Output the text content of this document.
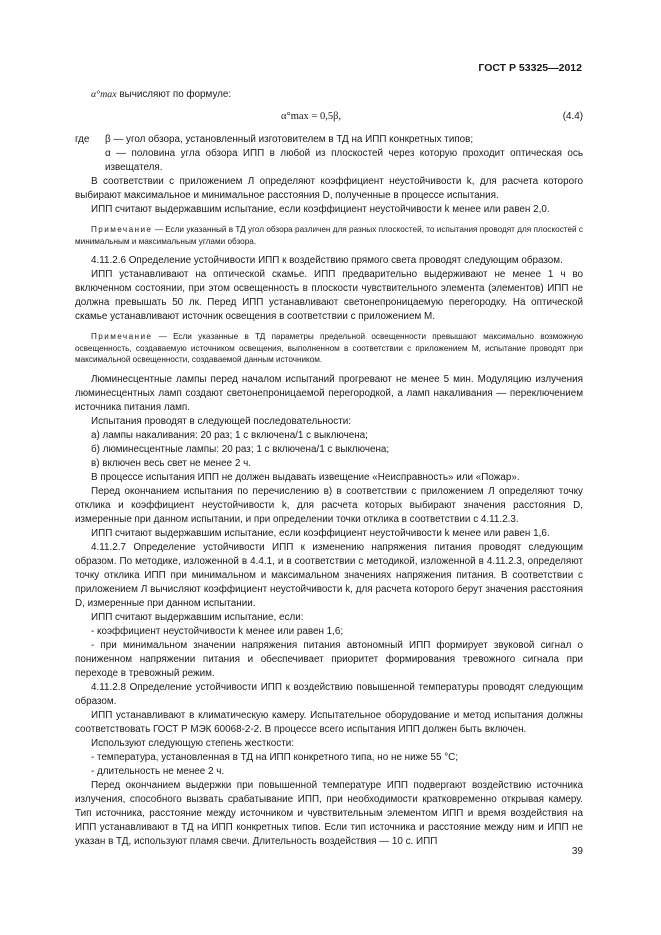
ГОСТ Р 53325—2012

α°max вычисляют по формуле:

α°max = 0,5β,	(4.4)

где β — угол обзора, установленный изготовителем в ТД на ИПП конкретных типов;

α — половина угла обзора ИПП в любой из плоскостей через которую проходит оптическая ось извещателя.

В соответствии с приложением Л определяют коэффициент неустойчивости k, для расчета которого выбирают максимальное и минимальное расстояния D, полученные в процессе испытания.

ИПП считают выдержавшим испытание, если коэффициент неустойчивости k менее или равен 2,0.

Примечание — Если указанный в ТД угол обзора различен для разных плоскостей, то испытания проводят для плоскостей с минимальным и максимальным углами обзора.

4.11.2.6 Определение устойчивости ИПП к воздействию прямого света проводят следующим образом.

ИПП устанавливают на оптической скамье. ИПП предварительно выдерживают не менее 1 ч во включенном состоянии, при этом освещенность в плоскости чувствительного элемента (элементов) ИПП не должна превышать 50 лк. Перед ИПП устанавливают светонепроницаемую перегородку. На оптической скамье устанавливают источник освещения в соответствии с приложением М.

Примечание — Если указанные в ТД параметры предельной освещенности превышают максимально возможную освещенность, создаваемую источником освещения, выполненном в соответствии с приложением М, испытание проводят при максимальной освещенности, создаваемой данным источником.

Люминесцентные лампы перед началом испытаний прогревают не менее 5 мин. Модуляцию излучения люминесцентных ламп создают светонепроницаемой перегородкой, а ламп накаливания — переключением источника питания ламп.

Испытания проводят в следующей последовательности:

а) лампы накаливания: 20 раз; 1 с включена/1 с выключена;

б) люминесцентные лампы: 20 раз; 1 с включена/1 с выключена;

в) включен весь свет не менее 2 ч.

В процессе испытания ИПП не должен выдавать извещение «Неисправность» или «Пожар».

Перед окончанием испытания по перечислению в) в соответствии с приложением Л определяют точку отклика и коэффициент неустойчивости k, для расчета которых выбирают значения расстояния D, измеренные при данном испытании, и при определении точки отклика в соответствии с 4.11.2.3.

ИПП считают выдержавшим испытание, если коэффициент неустойчивости k менее или равен 1,6.

4.11.2.7 Определение устойчивости ИПП к изменению напряжения питания проводят следующим образом. По методике, изложенной в 4.4.1, и в соответствии с методикой, изложенной в 4.11.2.3, определяют точку отклика ИПП при минимальном и максимальном значениях напряжения питания. В соответствии с приложением Л вычисляют коэффициент неустойчивости k, для расчета которого берут значения расстояния D, измеренные при данном испытании.

ИПП считают выдержавшим испытание, если:

- коэффициент неустойчивости k менее или равен 1,6;

- при минимальном значении напряжения питания автономный ИПП формирует звуковой сигнал о пониженном напряжении питания и обеспечивает приоритет формирования тревожного сигнала при переходе в тревожный режим.

4.11.2.8 Определение устойчивости ИПП к воздействию повышенной температуры проводят следующим образом.

ИПП устанавливают в климатическую камеру. Испытательное оборудование и метод испытания должны соответствовать ГОСТ Р МЭК 60068-2-2. В процессе всего испытания ИПП должен быть включен.

Используют следующую степень жесткости:

- температура, установленная в ТД на ИПП конкретного типа, но не ниже 55 °С;

- длительность не менее 2 ч.

Перед окончанием выдержки при повышенной температуре ИПП подвергают воздействию источника излучения, способного вызвать срабатывание ИПП, при необходимости кратковременно открывая камеру. Тип источника, расстояние между источником и чувствительным элементом ИПП и время воздействия на ИПП устанавливают в ТД на ИПП конкретных типов. Если тип источника и расстояние между ним и ИПП не указан в ТД, используют пламя свечи. Длительность воздействия — 10 с. ИПП

39
